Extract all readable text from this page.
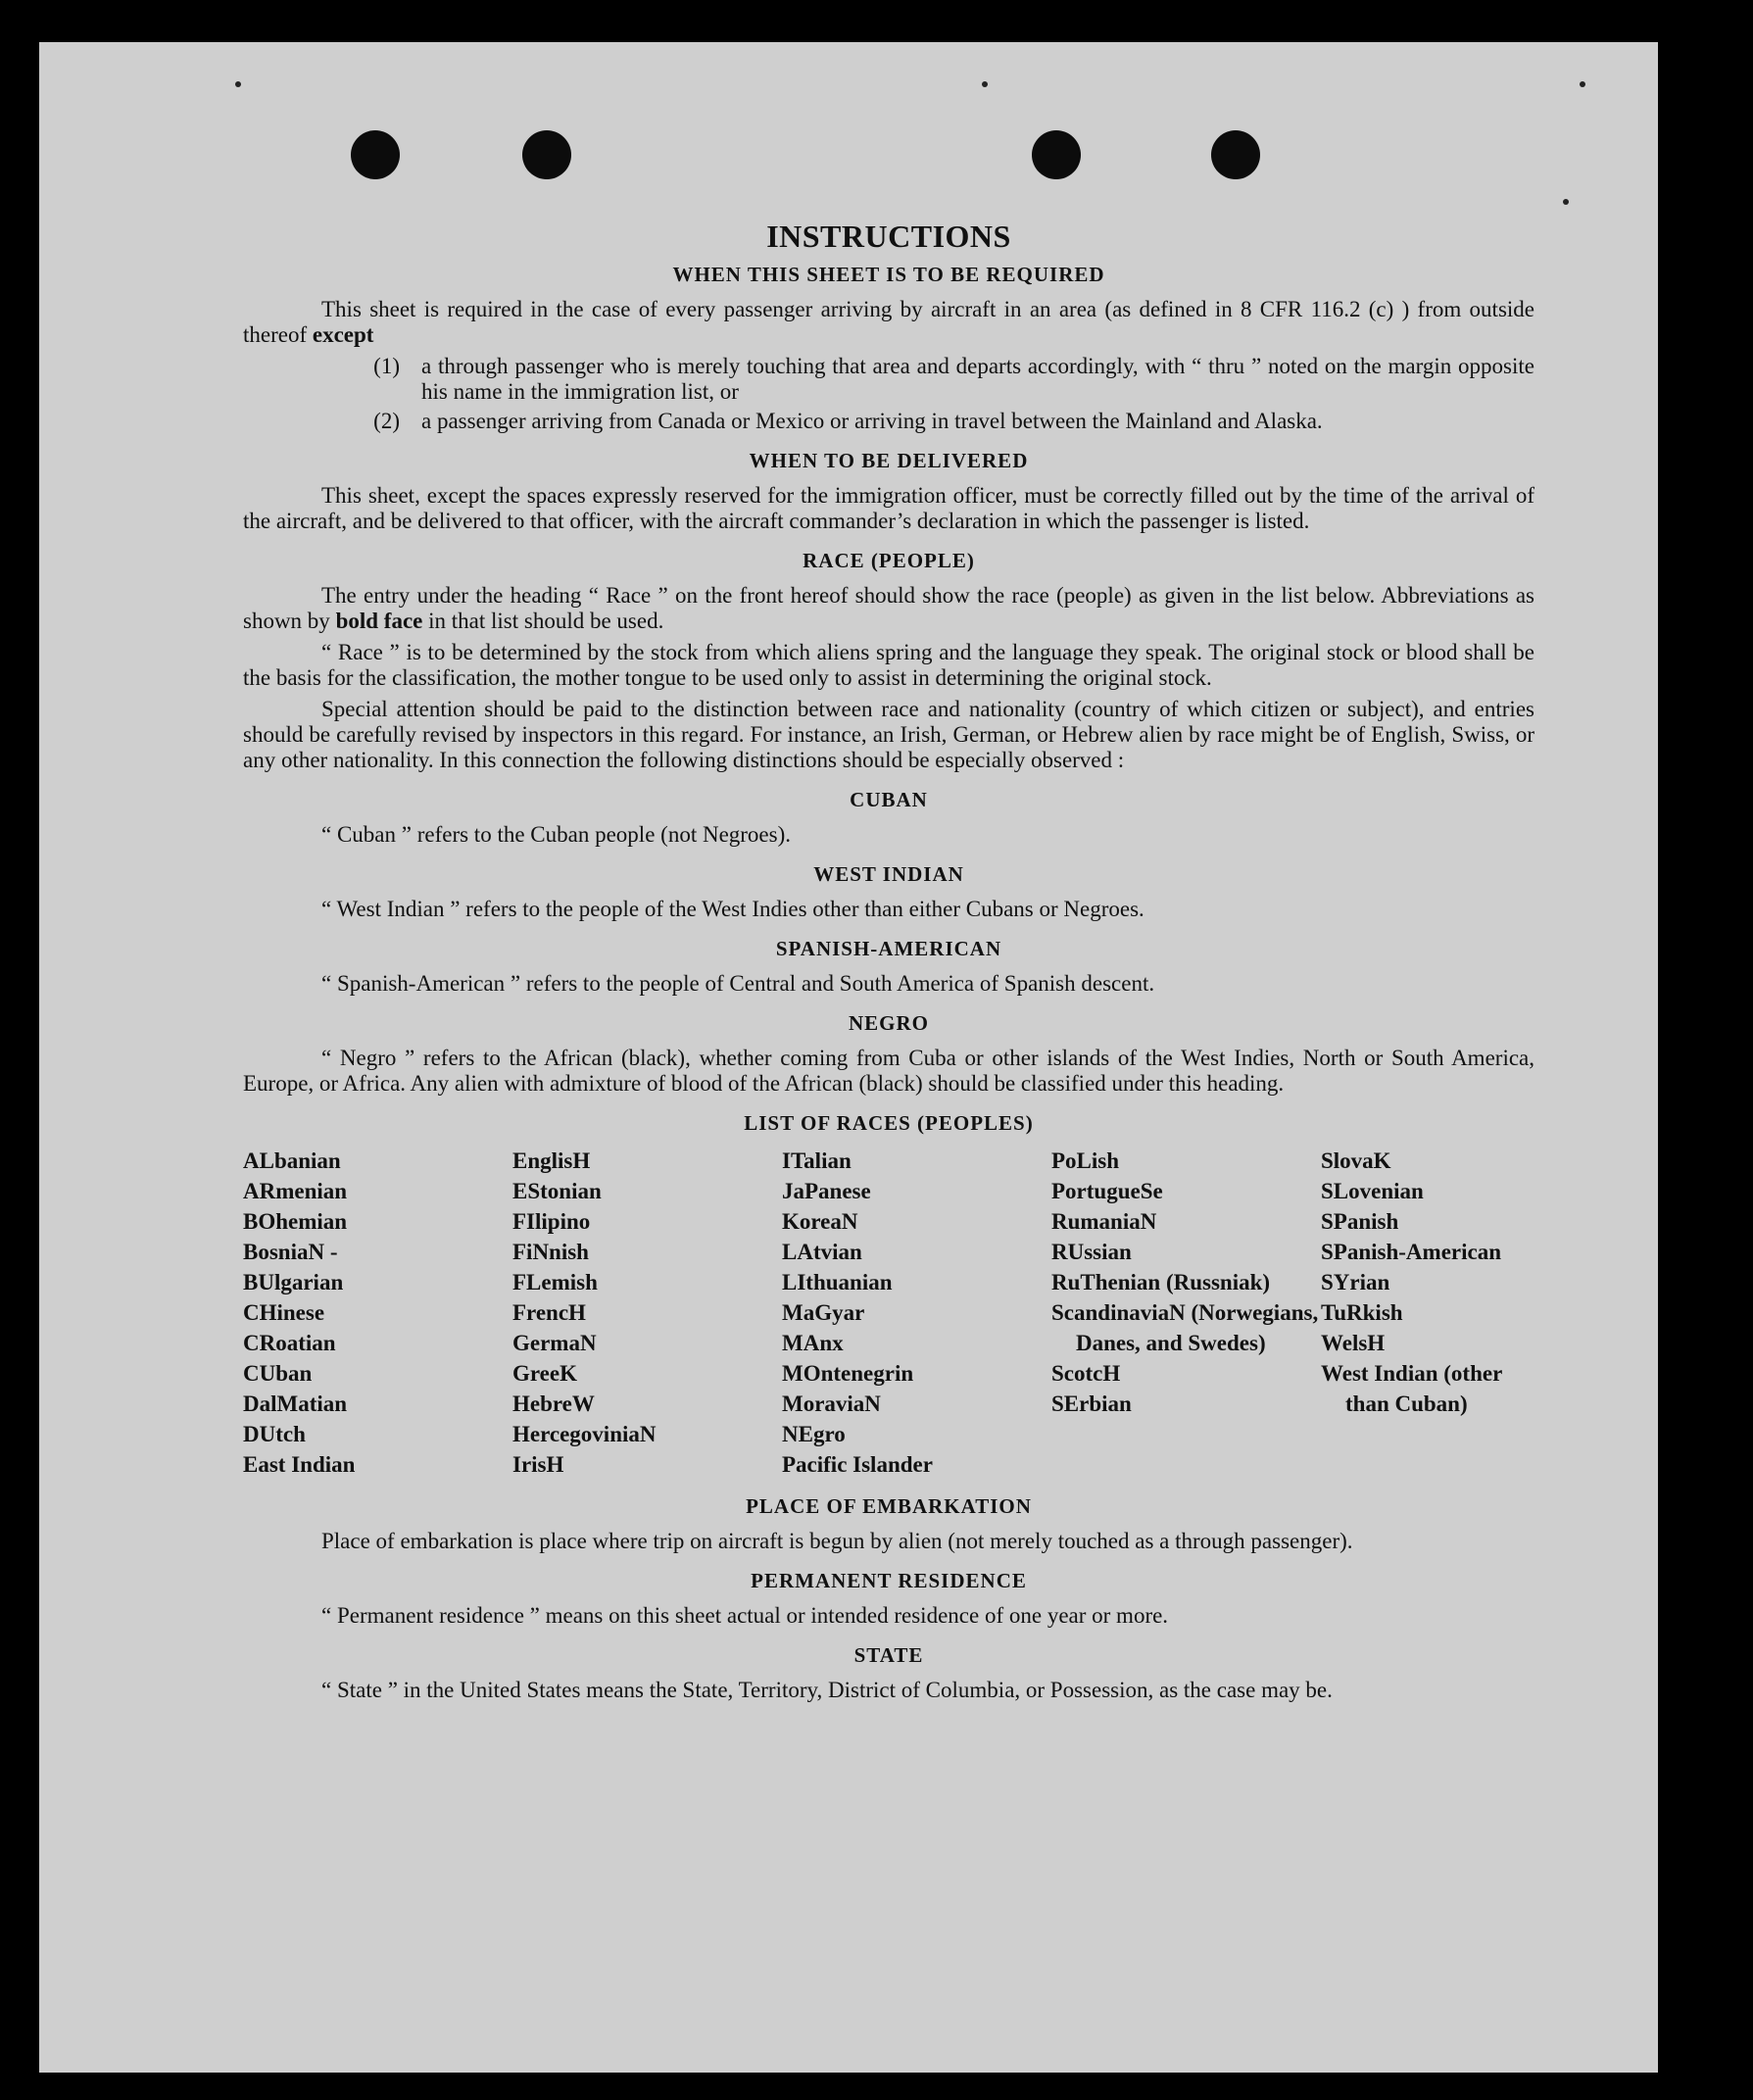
INSTRUCTIONS
WHEN THIS SHEET IS TO BE REQUIRED

This sheet is required in the case of every passenger arriving by aircraft in an area (as defined in 8 CFR 116.2 (c) ) from outside thereof except

(1) a through passenger who is merely touching that area and departs accordingly, with “ thru ” noted on the margin opposite his name in the immigration list, or
(2) a passenger arriving from Canada or Mexico or arriving in travel between the Mainland and Alaska.
WHEN TO BE DELIVERED

This sheet, except the spaces expressly reserved for the immigration officer, must be correctly filled out by the time of the arrival of the aircraft, and be delivered to that officer, with the aircraft commander’s declaration in which the passenger is listed.

RACE (PEOPLE)

The entry under the heading “ Race ” on the front hereof should show the race (people) as given in the list below. Abbreviations as shown by bold face in that list should be used.

“ Race ” is to be determined by the stock from which aliens spring and the language they speak. The original stock or blood shall be the basis for the classification, the mother tongue to be used only to assist in determining the original stock.

Special attention should be paid to the distinction between race and nationality (country of which citizen or subject), and entries should be carefully revised by inspectors in this regard. For instance, an Irish, German, or Hebrew alien by race might be of English, Swiss, or any other nationality. In this connection the following distinctions should be especially observed :

CUBAN

“ Cuban ” refers to the Cuban people (not Negroes).

WEST INDIAN

“ West Indian ” refers to the people of the West Indies other than either Cubans or Negroes.

SPANISH-AMERICAN

“ Spanish-American ” refers to the people of Central and South America of Spanish descent.

NEGRO

“ Negro ” refers to the African (black), whether coming from Cuba or other islands of the West Indies, North or South America, Europe, or Africa. Any alien with admixture of blood of the African (black) should be classified under this heading.

LIST OF RACES (PEOPLES)
ALbanian
ARmenian
BOhemian
BosniaN -
BUlgarian
CHinese
CRoatian
CUban
DalMatian
DUtch
East Indian
EnglisH
EStonian
FIlipino
FiNnish
FLemish
FrencH
GermaN
GreeK
HebreW
HercegoviniaN
IrisH
ITalian
JaPanese
KoreaN
LAtvian
LIthuanian
MaGyar
MAnx
MOntenegrin
MoraviaN
NEgro
Pacific Islander
PoLish
PortugueSe
RumaniaN
RUssian
RuThenian (Russniak)
ScandinaviaN (Norwegians, Danes, and Swedes)
ScotcH
SErbian
SlovaK
SLovenian
SPanish
SPanish-American
SYrian
TuRkish
WelsH
West Indian (other than Cuban)
PLACE OF EMBARKATION

Place of embarkation is place where trip on aircraft is begun by alien (not merely touched as a through passenger).

PERMANENT RESIDENCE

“ Permanent residence ” means on this sheet actual or intended residence of one year or more.

STATE

“ State ” in the United States means the State, Territory, District of Columbia, or Possession, as the case may be.
